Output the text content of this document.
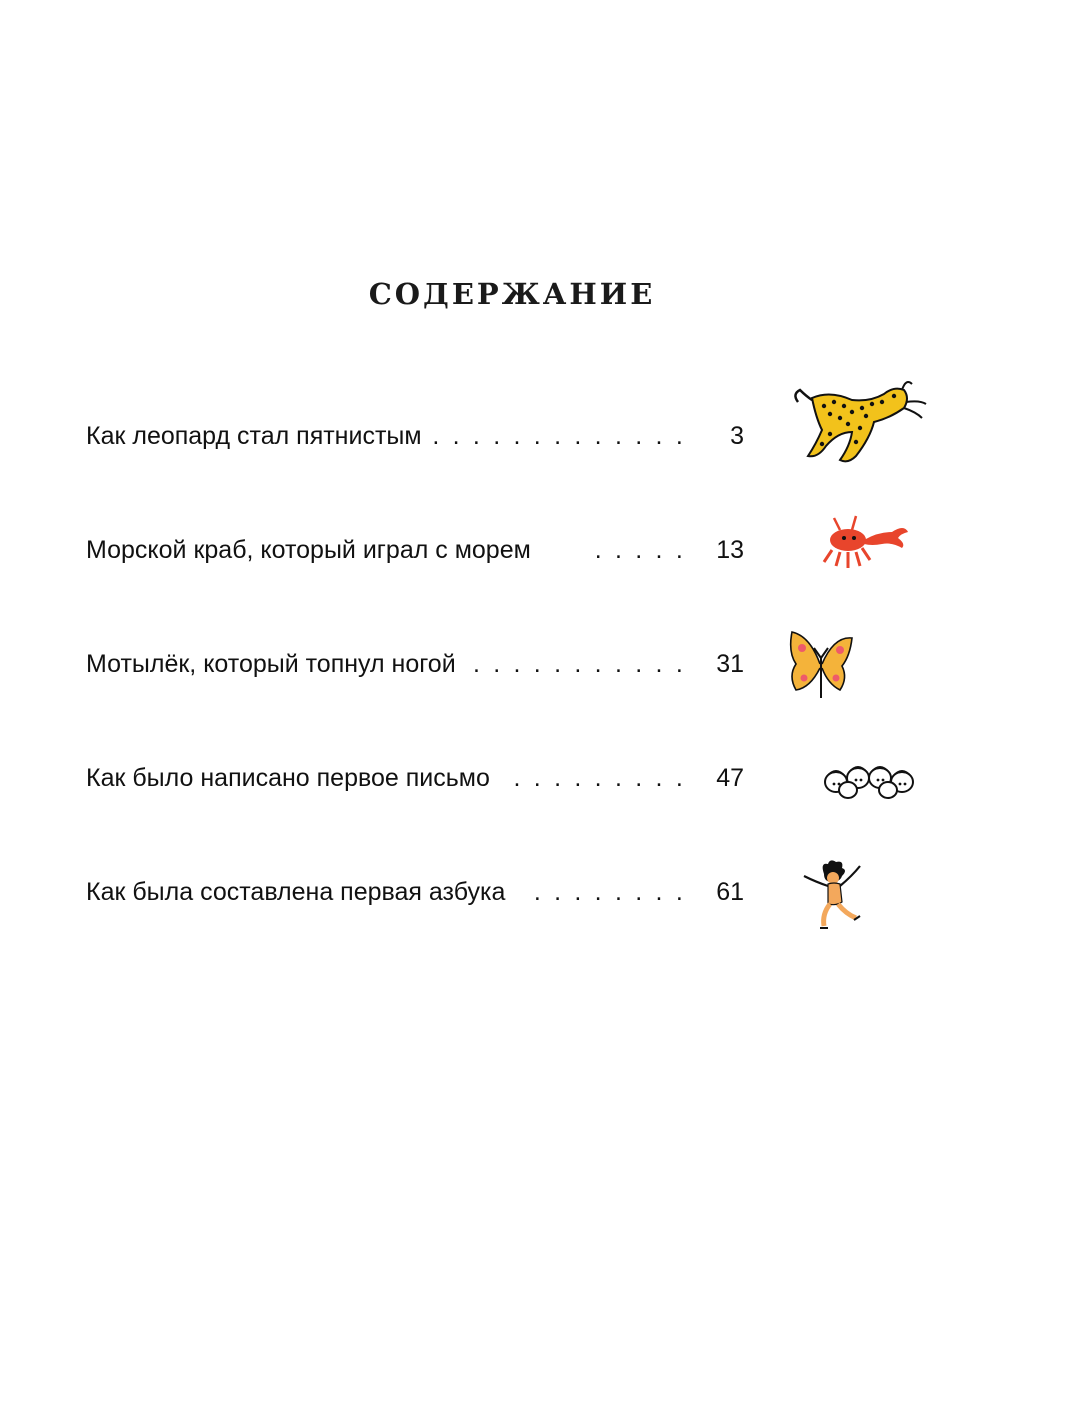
СОДЕРЖАНИЕ
Как леопард стал пятнистым . . . . . . . . . . . . . 3
Морской краб, который играл с морем	. . . . . 13
Мотылёк, который топнул ногой . . . . . . . . . . . 31
Как было написано первое письмо . . . . . . . . . 47
Как была составлена первая азбука . . . . . . . . 61
